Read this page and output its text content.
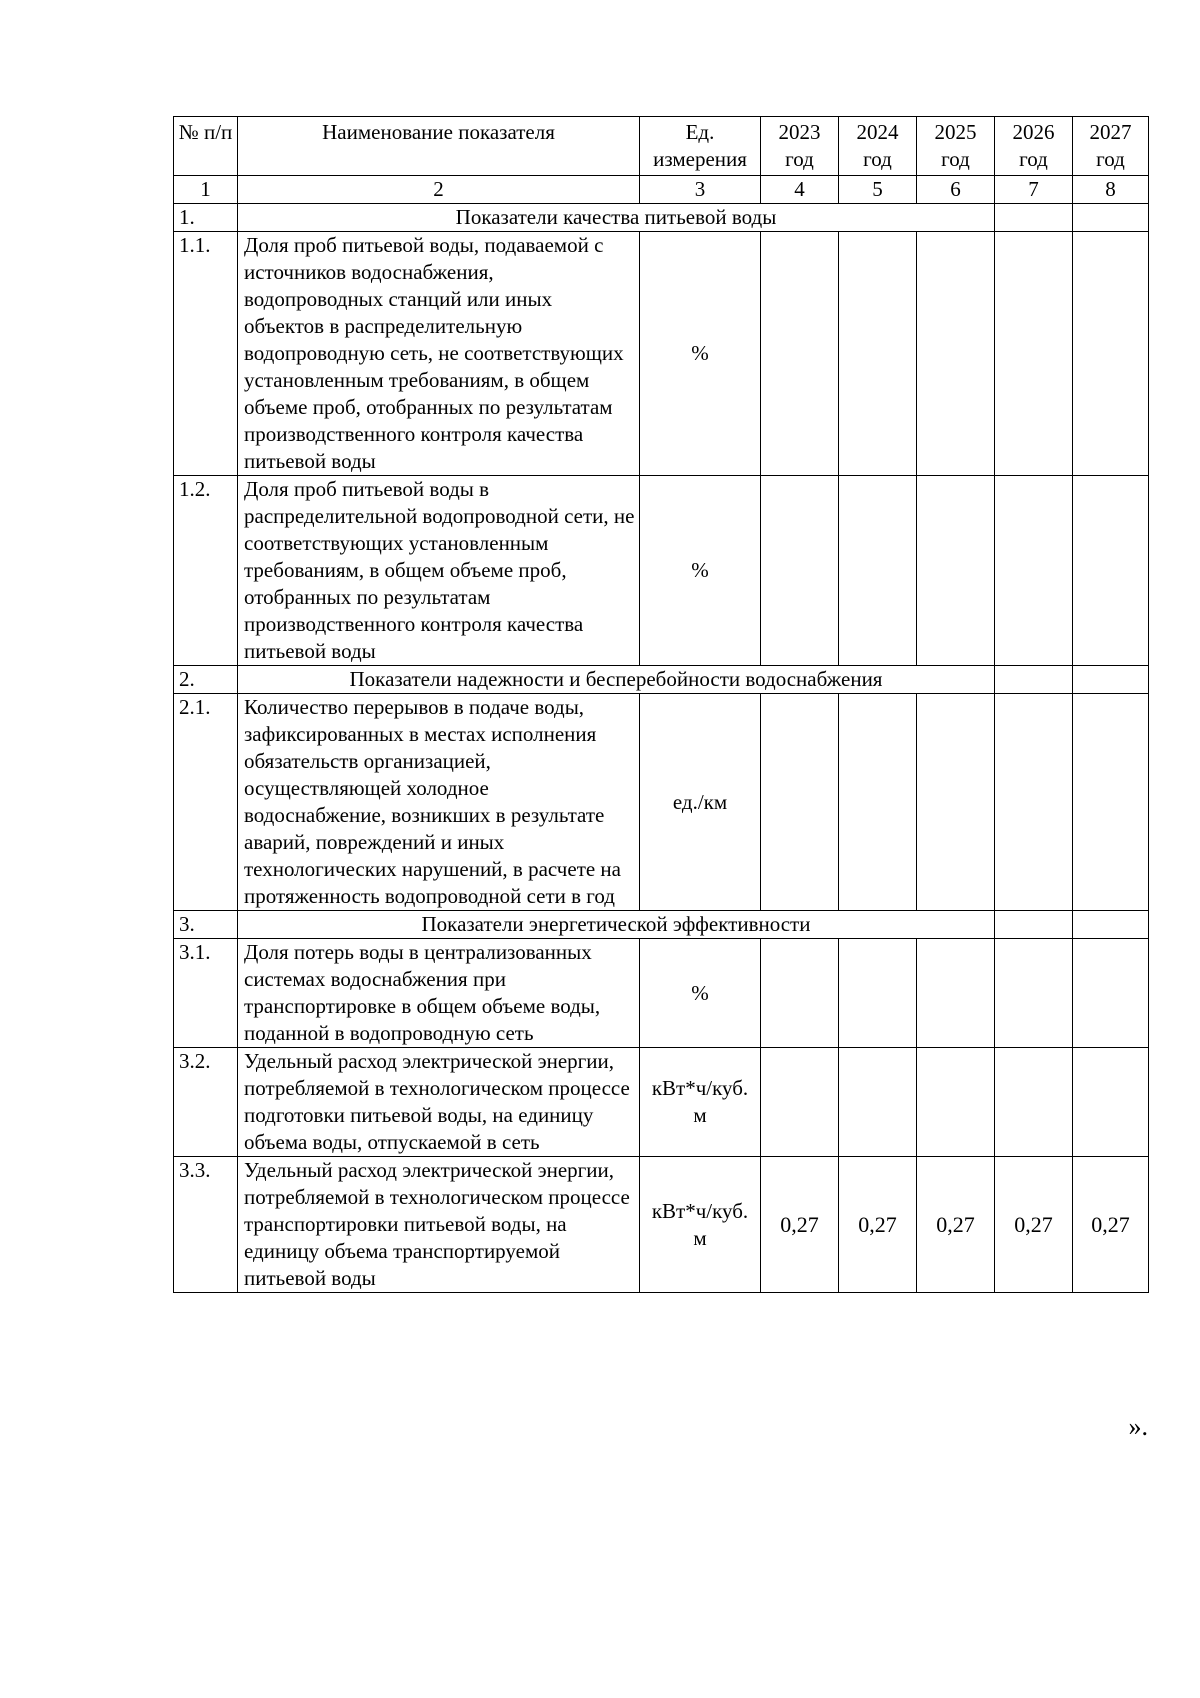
№ п/п	Наименование показателя	Ед. измерения	2023 год	2024 год	2025 год	2026 год	2027 год
1	2	3	4	5	6	7	8
1.	Показатели качества питьевой воды						
1.1.	Доля проб питьевой воды, подаваемой с источников водоснабжения, водопроводных станций или иных объектов в распределительную водопроводную сеть, не соответствующих установленным требованиям, в общем объеме проб, отобранных по результатам производственного контроля качества питьевой воды	%					
1.2.	Доля проб питьевой воды в распределительной водопроводной сети, не соответствующих установленным требованиям, в общем объеме проб, отобранных по результатам производственного контроля качества питьевой воды	%					
2.	Показатели надежности и бесперебойности водоснабжения						
2.1.	Количество перерывов в подаче воды, зафиксированных в местах исполнения обязательств организацией, осуществляющей холодное водоснабжение, возникших в результате аварий, повреждений и иных технологических нарушений, в расчете на протяженность водопроводной сети в год	ед./км					
3.	Показатели энергетической эффективности						
3.1.	Доля потерь воды в централизованных системах водоснабжения при транспортировке в общем объеме воды, поданной в водопроводную сеть	%					
3.2.	Удельный расход электрической энергии, потребляемой в технологическом процессе подготовки питьевой воды, на единицу объема воды, отпускаемой в сеть	кВт*ч/куб. м					
3.3.	Удельный расход электрической энергии, потребляемой в технологическом процессе транспортировки питьевой воды, на единицу объема транспортируемой питьевой воды	кВт*ч/куб. м	0,27	0,27	0,27	0,27	0,27
».
